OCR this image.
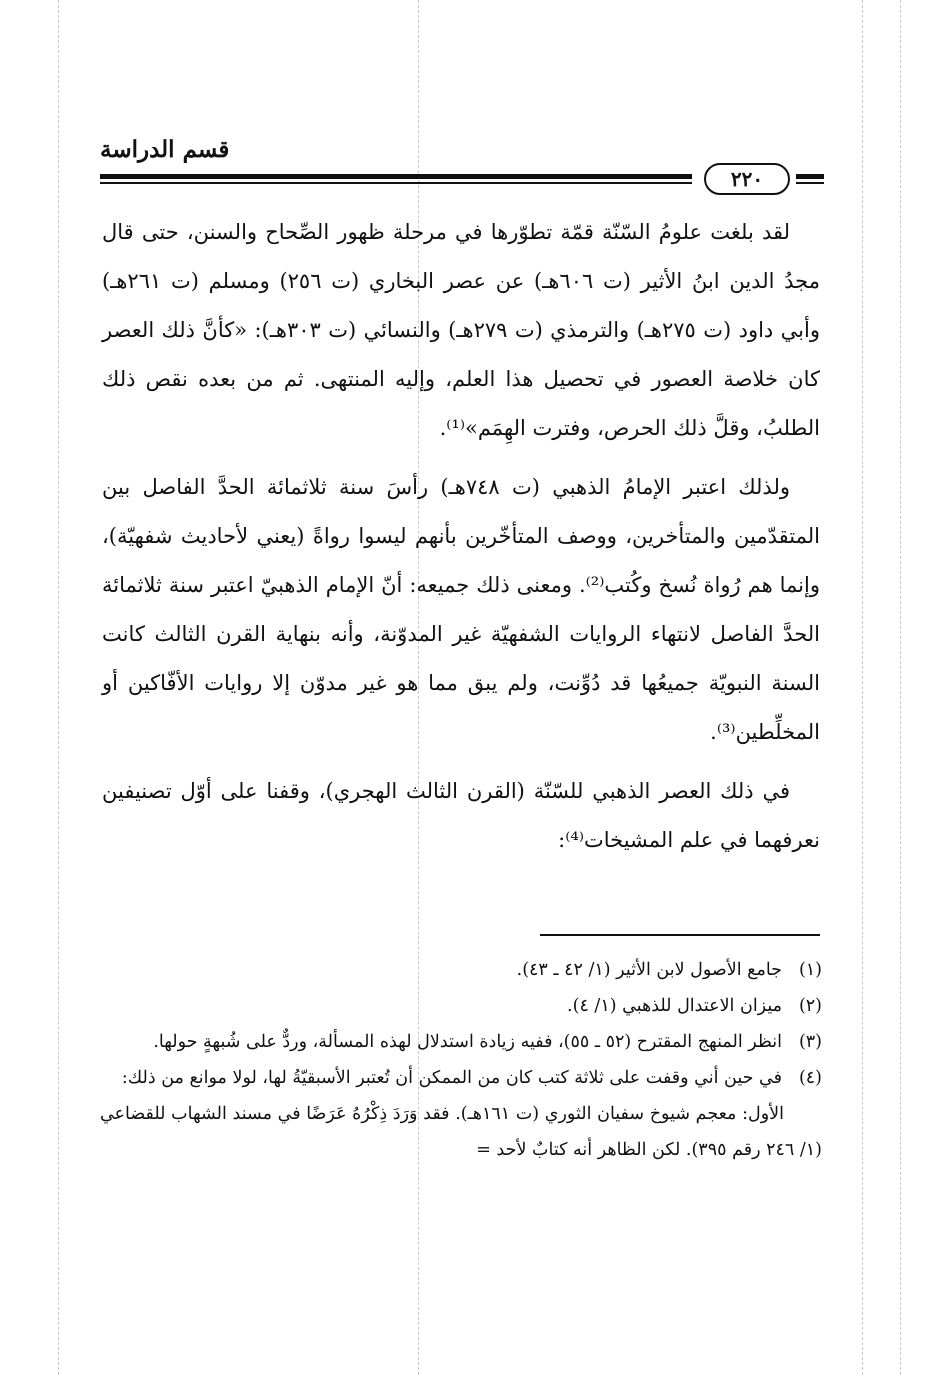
قسم الدراسة
٢٢٠

لقد بلغت علومُ السّنّة قمّة تطوّرها في مرحلة ظهور الصِّحاح والسنن، حتى قال مجدُ الدين ابنُ الأثير (ت ٦٠٦هـ) عن عصر البخاري (ت ٢٥٦) ومسلم (ت ٢٦١هـ) وأبي داود (ت ٢٧٥هـ) والترمذي (ت ٢٧٩هـ) والنسائي (ت ٣٠٣هـ): «كأنَّ ذلك العصر كان خلاصة العصور في تحصيل هذا العلم، وإليه المنتهى. ثم من بعده نقص ذلك الطلبُ، وقلَّ ذلك الحرص، وفترت الهِمَم»⁽¹⁾.

ولذلك اعتبر الإمامُ الذهبي (ت ٧٤٨هـ) رأسَ سنة ثلاثمائة الحدَّ الفاصل بين المتقدّمين والمتأخرين، ووصف المتأخّرين بأنهم ليسوا رواةً (يعني لأحاديث شفهيّة)، وإنما هم رُواة نُسخ وكُتب⁽²⁾. ومعنى ذلك جميعه: أنّ الإمام الذهبيّ اعتبر سنة ثلاثمائة الحدَّ الفاصل لانتهاء الروايات الشفهيّة غير المدوّنة، وأنه بنهاية القرن الثالث كانت السنة النبويّة جميعُها قد دُوِّنت، ولم يبق مما هو غير مدوّن إلا روايات الأفّاكين أو المخلِّطين⁽³⁾.

في ذلك العصر الذهبي للسّنّة (القرن الثالث الهجري)، وقفنا على أوّل تصنيفين نعرفهما في علم المشيخات⁽⁴⁾:

(١)
جامع الأصول لابن الأثير (١/ ٤٢ ـ ٤٣).
(٢)
ميزان الاعتدال للذهبي (١/ ٤).
(٣)
انظر المنهج المقترح (٥٢ ـ ٥٥)، ففيه زيادة استدلال لهذه المسألة، وردٌّ على شُبهةٍ حولها.
(٤)
في حين أني وقفت على ثلاثة كتب كان من الممكن أن تُعتبر الأسبقيّةُ لها، لولا موانع من ذلك:

الأول: معجم شيوخ سفيان الثوري (ت ١٦١هـ). فقد وَرَدَ ذِكْرُهُ عَرَضًا في مسند الشهاب للقضاعي (١/ ٢٤٦ رقم ٣٩٥). لكن الظاهر أنه كتابٌ لأحد =
